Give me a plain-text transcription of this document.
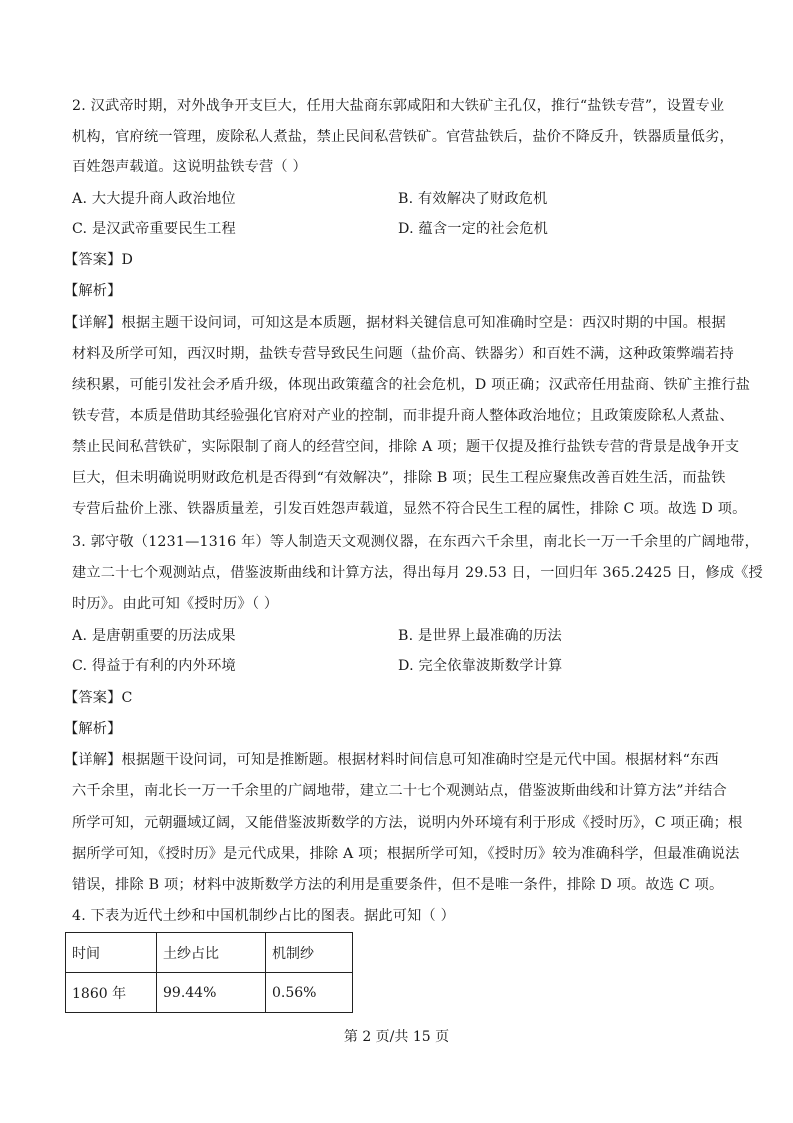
2. 汉武帝时期，对外战争开支巨大，任用大盐商东郭咸阳和大铁矿主孔仅，推行“盐铁专营”，设置专业
机构，官府统一管理，废除私人煮盐，禁止民间私营铁矿。官营盐铁后，盐价不降反升，铁器质量低劣，
百姓怨声载道。这说明盐铁专营（ ）
A. 大大提升商人政治地位	B. 有效解决了财政危机
C. 是汉武帝重要民生工程	D. 蕴含一定的社会危机
【答案】D
【解析】
【详解】根据主题干设问词，可知这是本质题，据材料关键信息可知准确时空是：西汉时期的中国。根据
材料及所学可知，西汉时期，盐铁专营导致民生问题（盐价高、铁器劣）和百姓不满，这种政策弊端若持
续积累，可能引发社会矛盾升级，体现出政策蕴含的社会危机，D 项正确；汉武帝任用盐商、铁矿主推行盐
铁专营，本质是借助其经验强化官府对产业的控制，而非提升商人整体政治地位；且政策废除私人煮盐、
禁止民间私营铁矿，实际限制了商人的经营空间，排除 A 项；题干仅提及推行盐铁专营的背景是战争开支
巨大，但未明确说明财政危机是否得到“有效解决”，排除 B 项；民生工程应聚焦改善百姓生活，而盐铁
专营后盐价上涨、铁器质量差，引发百姓怨声载道，显然不符合民生工程的属性，排除 C 项。故选 D 项。
3. 郭守敬（1231—1316 年）等人制造天文观测仪器，在东西六千余里，南北长一万一千余里的广阔地带，
建立二十七个观测站点，借鉴波斯曲线和计算方法，得出每月 29.53 日，一回归年 365.2425 日，修成《授
时历》。由此可知《授时历》（ ）
A. 是唐朝重要的历法成果	B. 是世界上最准确的历法
C. 得益于有利的内外环境	D. 完全依靠波斯数学计算
【答案】C
【解析】
【详解】根据题干设问词，可知是推断题。根据材料时间信息可知准确时空是元代中国。根据材料“东西
六千余里，南北长一万一千余里的广阔地带，建立二十七个观测站点，借鉴波斯曲线和计算方法”并结合
所学可知，元朝疆域辽阔，又能借鉴波斯数学的方法，说明内外环境有利于形成《授时历》，C 项正确；根
据所学可知，《授时历》是元代成果，排除 A 项；根据所学可知，《授时历》较为准确科学，但最准确说法
错误，排除 B 项；材料中波斯数学方法的利用是重要条件，但不是唯一条件，排除 D 项。故选 C 项。
4. 下表为近代土纱和中国机制纱占比的图表。据此可知（ ）
时间	土纱占比	机制纱
1860 年	99.44%	0.56%
第 2 页/共 15 页
